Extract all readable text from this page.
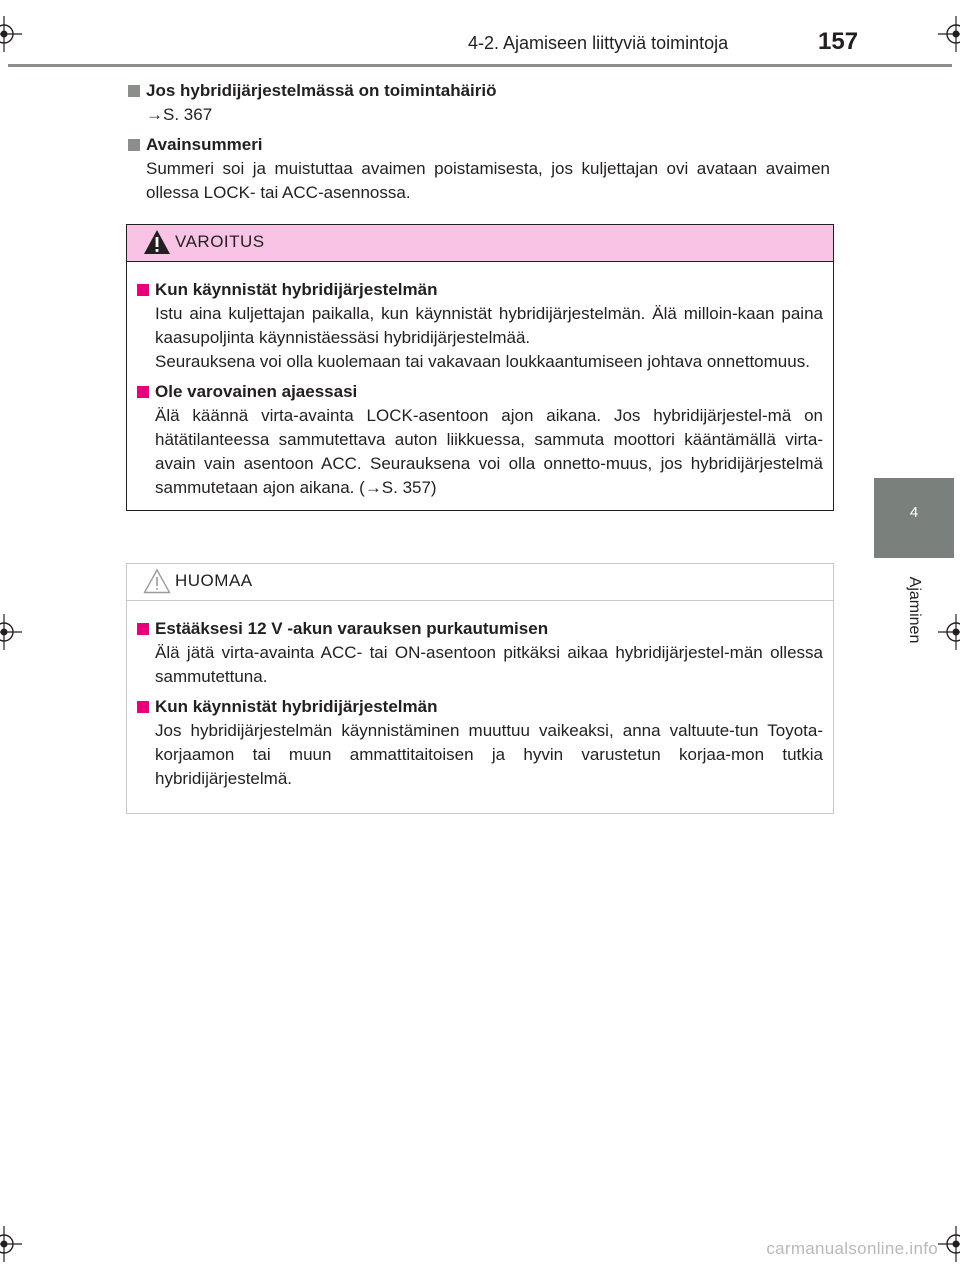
4-2. Ajamiseen liittyviä toimintoja	157
4
Ajaminen
Jos hybridijärjestelmässä on toimintahäiriö
→S. 367
Avainsummeri
Summeri soi ja muistuttaa avaimen poistamisesta, jos kuljettajan ovi avataan avaimen ollessa LOCK- tai ACC-asennossa.
VAROITUS
Kun käynnistät hybridijärjestelmän
Istu aina kuljettajan paikalla, kun käynnistät hybridijärjestelmän. Älä milloin-kaan paina kaasupoljinta käynnistäessäsi hybridijärjestelmää.
Seurauksena voi olla kuolemaan tai vakavaan loukkaantumiseen johtava onnettomuus.
Ole varovainen ajaessasi
Älä käännä virta-avainta LOCK-asentoon ajon aikana. Jos hybridijärjestel-mä on hätätilanteessa sammutettava auton liikkuessa, sammuta moottori kääntämällä virta-avain vain asentoon ACC. Seurauksena voi olla onnetto-muus, jos hybridijärjestelmä sammutetaan ajon aikana. (→S. 357)
HUOMAA
Estääksesi 12 V -akun varauksen purkautumisen
Älä jätä virta-avainta ACC- tai ON-asentoon pitkäksi aikaa hybridijärjestel-män ollessa sammutettuna.
Kun käynnistät hybridijärjestelmän
Jos hybridijärjestelmän käynnistäminen muuttuu vaikeaksi, anna valtuute-tun Toyota-korjaamon tai muun ammattitaitoisen ja hyvin varustetun korjaa-mon tutkia hybridijärjestelmä.
carmanualsonline.info
